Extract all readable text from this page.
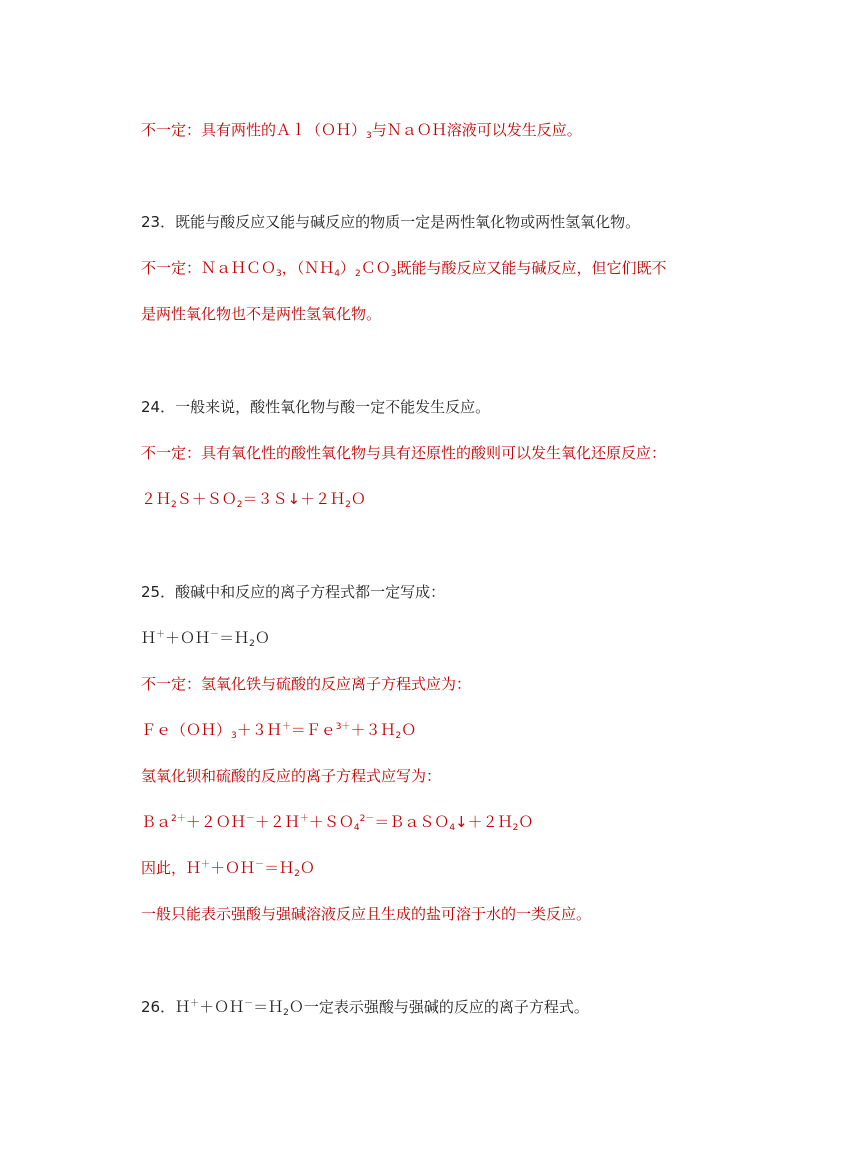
不一定：具有两性的$Al(OH)_3$与ＮａＯＨ溶液可以发生反应。
23．既能与酸反应又能与碱反应的物质一定是两性氧化物或两性氢氧化物。
不一定：ＮａＨＣＯ$_3$，$(NH_4)_2CO_3$既能与酸反应又能与碱反应，但它们既不
是两性氧化物也不是两性氢氧化物。
24．一般来说，酸性氧化物与酸一定不能发生反应。
不一定：具有氧化性的酸性氧化物与具有还原性的酸则可以发生氧化还原反应：
２Ｈ$_2$Ｓ＋ＳＯ$_2$＝３Ｓ↓＋２Ｈ$_2$Ｏ
25．酸碱中和反应的离子方程式都一定写成：
Ｈ＋＋ＯＨ－＝Ｈ$_2$Ｏ
不一定：氢氧化铁与硫酸的反应离子方程式应为：
$Fe(OH)_3+3H^+=Fe^{3+}+3H_2O$
氢氧化钡和硫酸的反应的离子方程式应写为：
Ｂａ$^{2+}$＋２ＯＨ－＋２Ｈ＋＋ＳＯ$_4^{2-}$＝ＢａＳＯ$_4$↓＋２Ｈ$_2$Ｏ
因此，Ｈ＋＋ＯＨ－＝Ｈ$_2$Ｏ
一般只能表示强酸与强碱溶液反应且生成的盐可溶于水的一类反应。
26．Ｈ＋＋ＯＨ－＝Ｈ$_2$Ｏ一定表示强酸与强碱的反应的离子方程式。
